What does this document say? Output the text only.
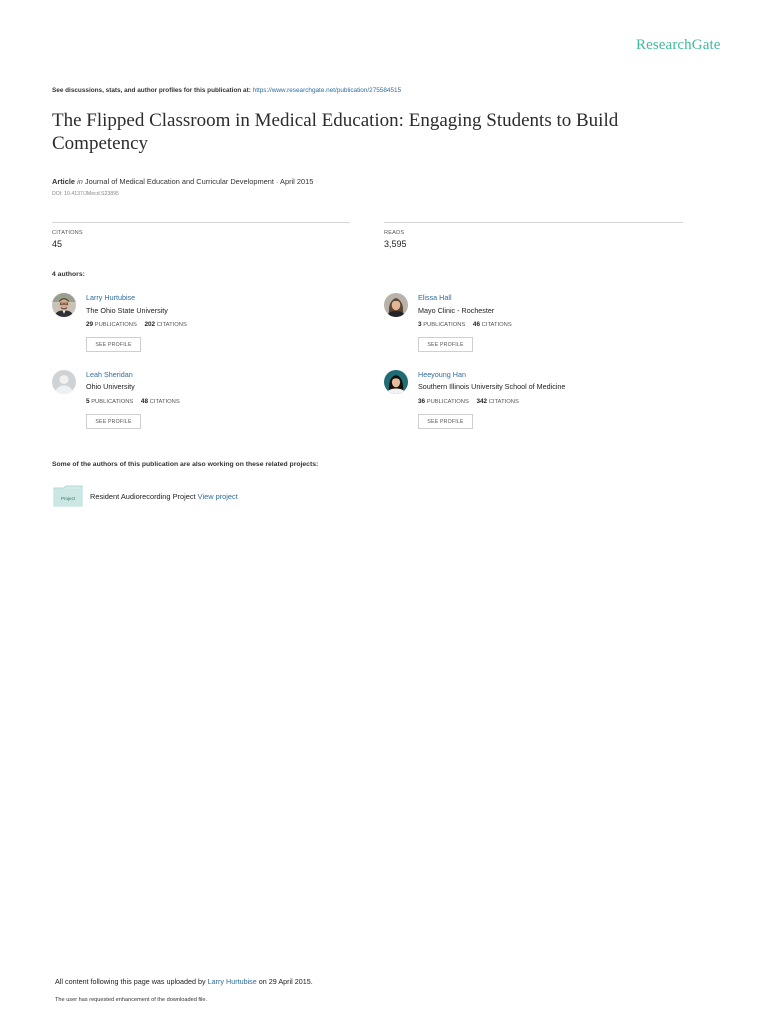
ResearchGate
See discussions, stats, and author profiles for this publication at: https://www.researchgate.net/publication/275584515
The Flipped Classroom in Medical Education: Engaging Students to Build Competency
Article in Journal of Medical Education and Curricular Development · April 2015
DOI: 10.4137/JMecd.S23895
CITATIONS
45
READS
3,595
4 authors:
Larry Hurtubise
The Ohio State University
29 PUBLICATIONS 202 CITATIONS
SEE PROFILE
Elissa Hall
Mayo Clinic - Rochester
3 PUBLICATIONS 46 CITATIONS
SEE PROFILE
Leah Sheridan
Ohio University
5 PUBLICATIONS 48 CITATIONS
SEE PROFILE
Heeyoung Han
Southern Illinois University School of Medicine
36 PUBLICATIONS 342 CITATIONS
SEE PROFILE
Some of the authors of this publication are also working on these related projects:
Project Resident Audiorecording Project View project
All content following this page was uploaded by Larry Hurtubise on 29 April 2015.
The user has requested enhancement of the downloaded file.
